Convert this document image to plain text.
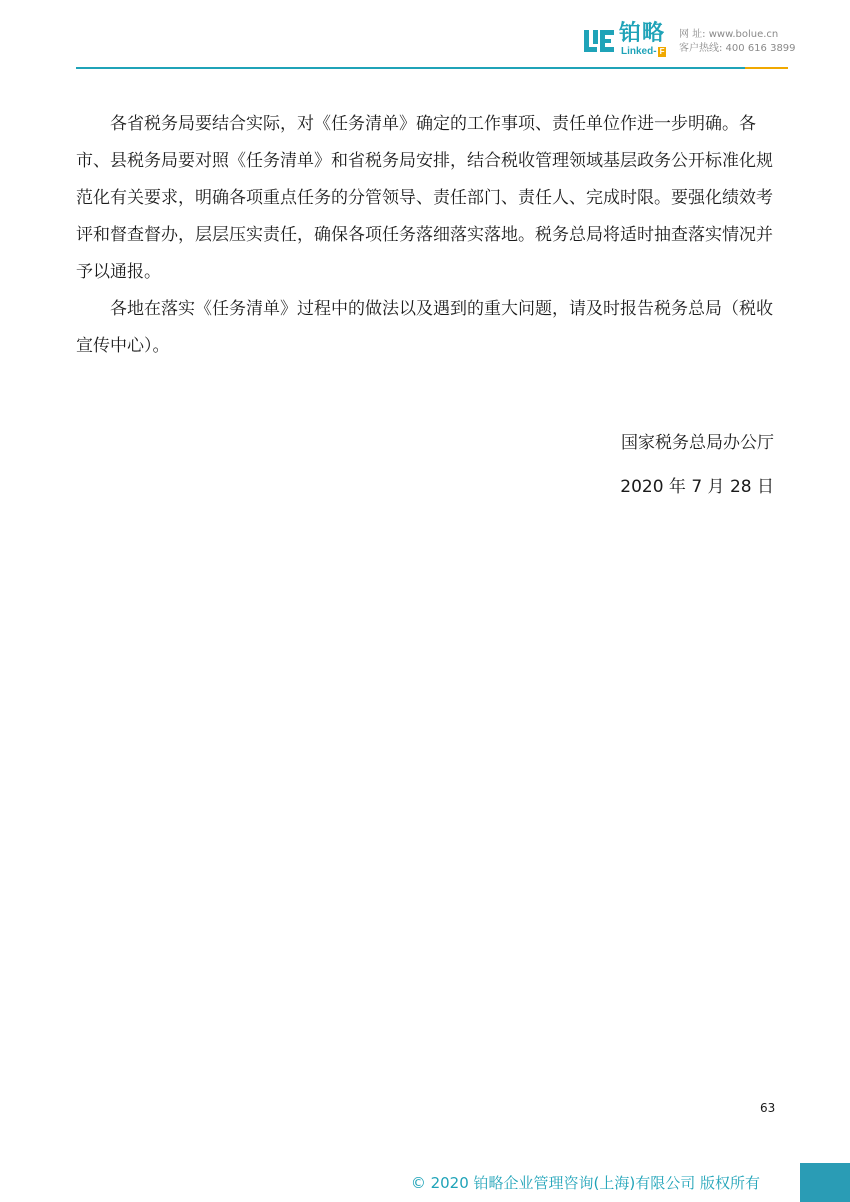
铂略
Linked- F
网 址: www.bolue.cn
客户热线: 400 616 3899

各省税务局要结合实际，对《任务清单》确定的工作事项、责任单位作进一步明确。各市、县税务局要对照《任务清单》和省税务局安排，结合税收管理领域基层政务公开标准化规范化有关要求，明确各项重点任务的分管领导、责任部门、责任人、完成时限。要强化绩效考评和督查督办，层层压实责任，确保各项任务落细落实落地。税务总局将适时抽查落实情况并予以通报。

各地在落实《任务清单》过程中的做法以及遇到的重大问题，请及时报告税务总局（税收宣传中心）。

国家税务总局办公厅
2020 年 7 月 28 日
63
© 2020 铂略企业管理咨询(上海)有限公司 版权所有
